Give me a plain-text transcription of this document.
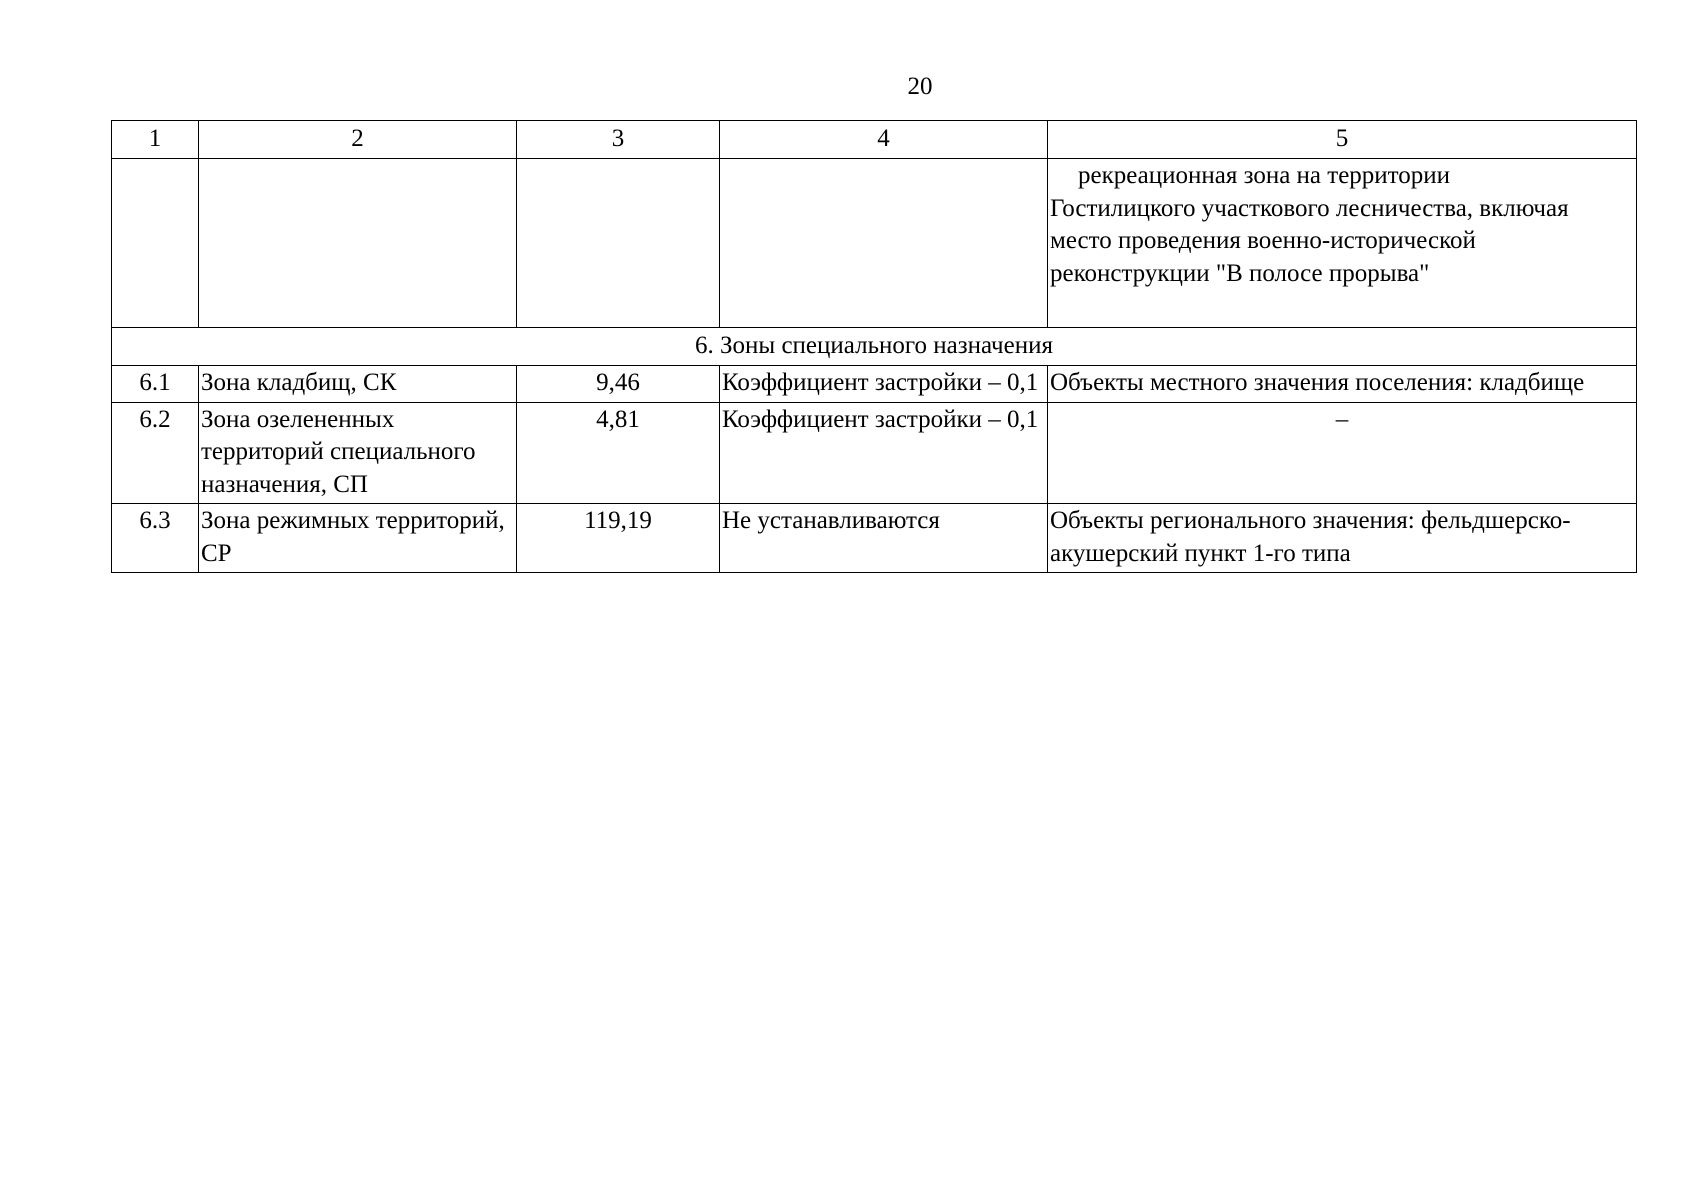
20
1	2	3	4	5

				рекреационная зона на территории
Гостилицкого участкового лесничества, включая место проведения военно-исторической реконструкции "В полосе прорыва"

6. Зоны специального назначения				
6.1	Зона кладбищ, СК	9,46	Коэффициент застройки – 0,1	Объекты местного значения поселения: кладбище
6.2	Зона озелененных территорий специального назначения, СП	4,81	Коэффициент застройки – 0,1	–
6.3	Зона режимных территорий, СР	119,19	Не устанавливаются	Объекты регионального значения: фельдшерско-акушерский пункт 1-го типа
